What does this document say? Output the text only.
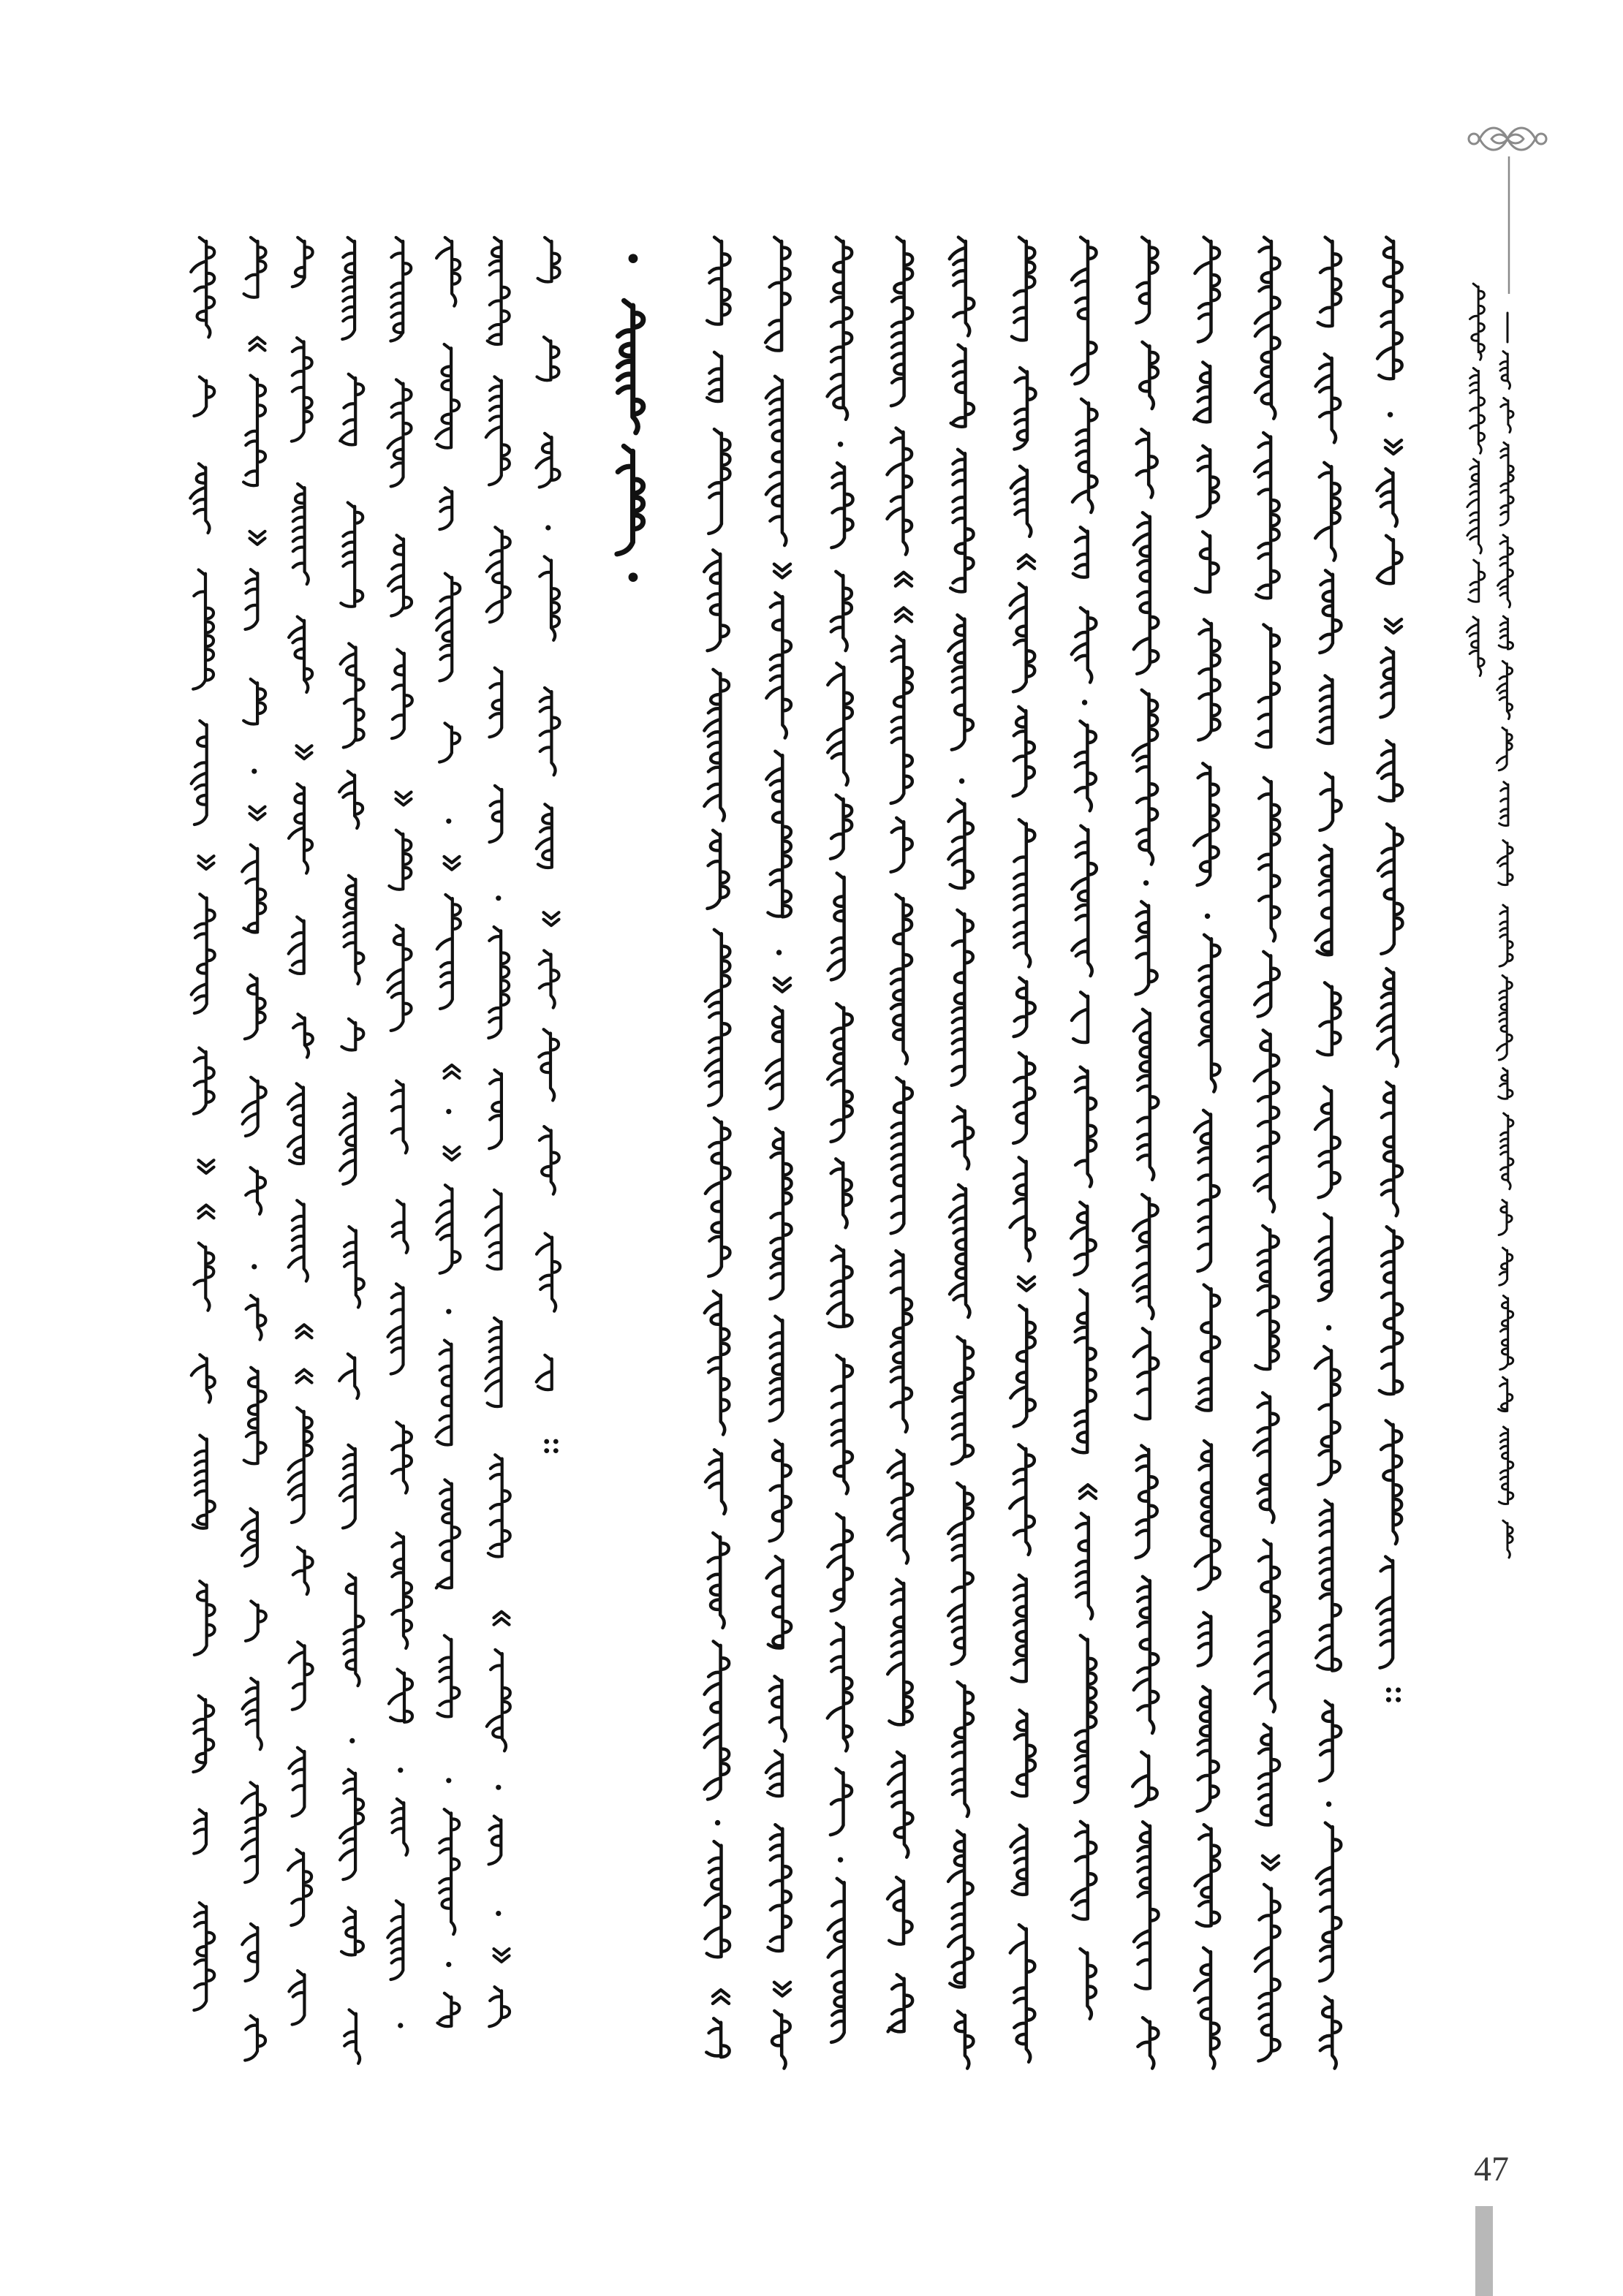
•
•
47
